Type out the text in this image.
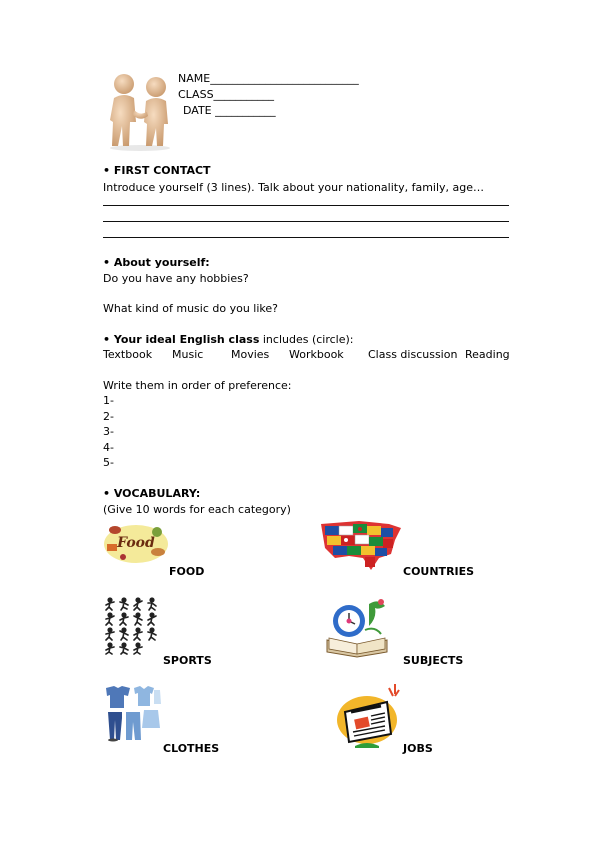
NAME___________________________
CLASS___________
DATE ___________
• FIRST CONTACT
Introduce yourself (3 lines). Talk about your nationality, family, age…
• About yourself:
Do you have any hobbies?
What kind of music do you like?
• Your ideal English class includes (circle):
Textbook Music	Movies Workbook Class discussion Reading
Write them in order of preference:
1-
2-
3-
4-
5-
• VOCABULARY:
(Give 10 words for each category)
Food
FOOD	COUNTRIES
SPORTS	SUBJECTS
CLOTHES	JOBS
